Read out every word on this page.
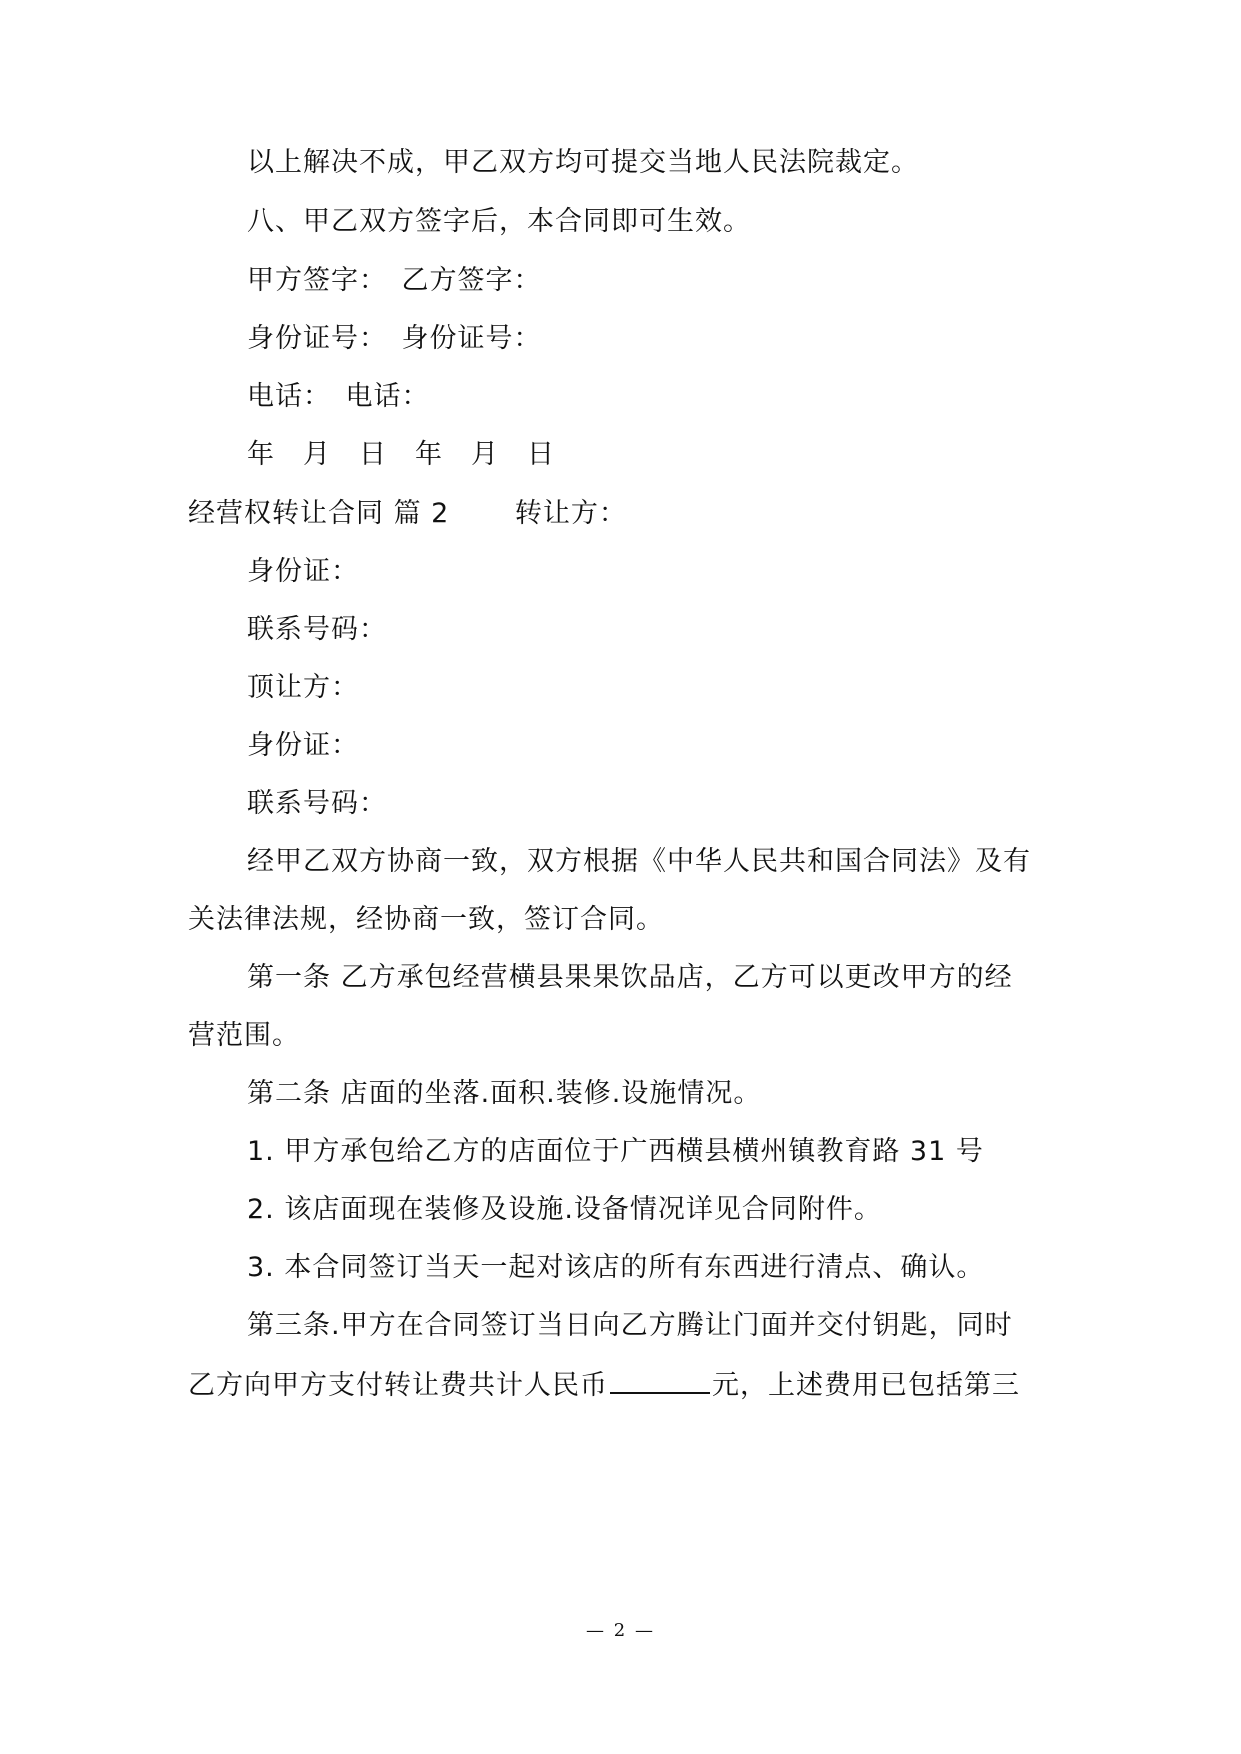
以上解决不成，甲乙双方均可提交当地人民法院裁定。
八、甲乙双方签字后，本合同即可生效。
甲方签字：　乙方签字：
身份证号：　身份证号：
电话：　电话：
年　月　日　年　月　日
经营权转让合同 篇 2　　 转让方：
身份证：
联系号码：
顶让方：
身份证：
联系号码：
经甲乙双方协商一致，双方根据《中华人民共和国合同法》及有
关法律法规，经协商一致，签订合同。
第一条 乙方承包经营横县果果饮品店，乙方可以更改甲方的经
营范围。
第二条 店面的坐落.面积.装修.设施情况。
1. 甲方承包给乙方的店面位于广西横县横州镇教育路 31 号
2. 该店面现在装修及设施.设备情况详见合同附件。
3. 本合同签订当天一起对该店的所有东西进行清点、确认。
第三条.甲方在合同签订当日向乙方腾让门面并交付钥匙，同时
乙方向甲方支付转让费共计人民币	元，上述费用已包括第三
— 2 —
